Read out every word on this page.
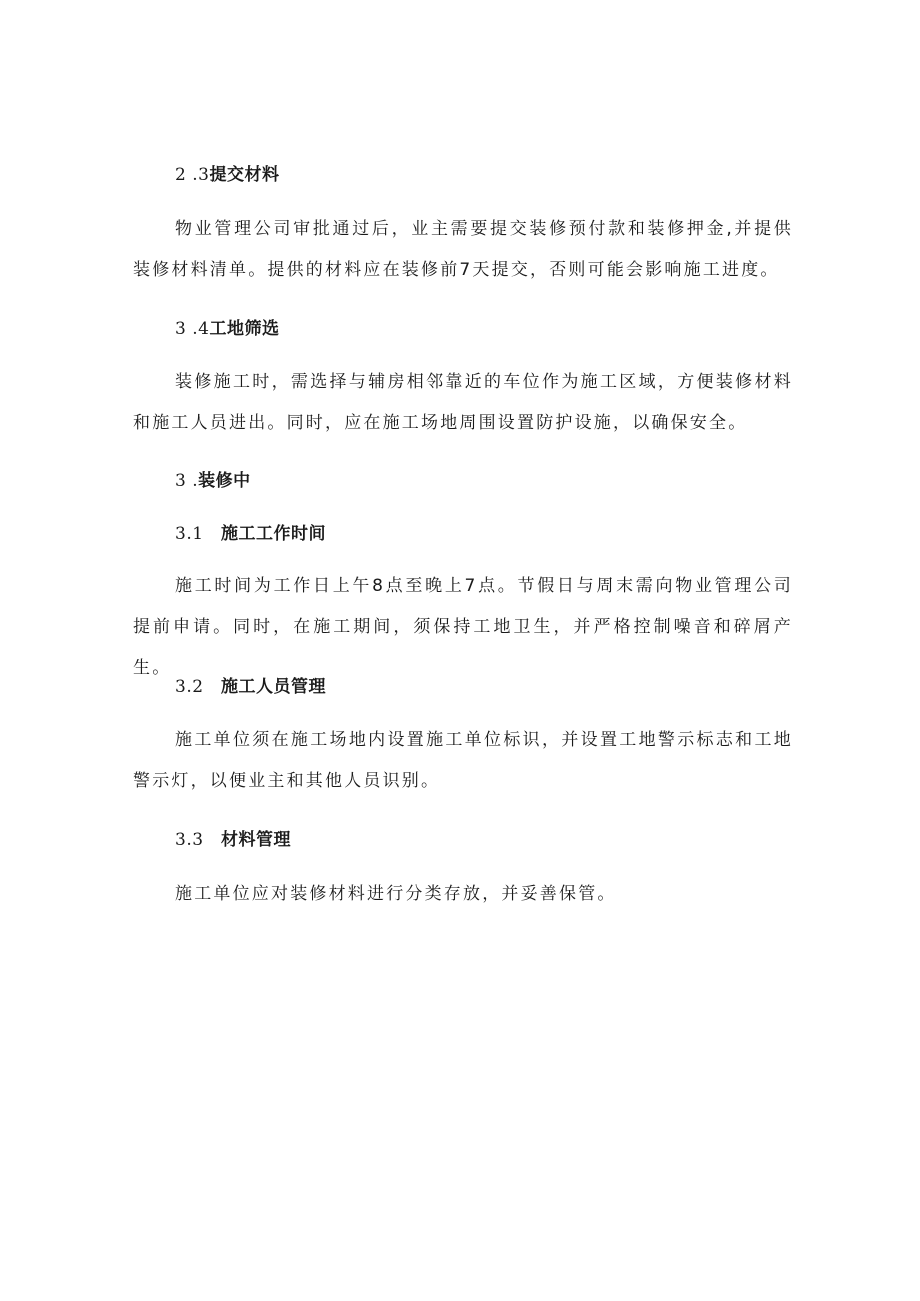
2 .3提交材料
物业管理公司审批通过后，业主需要提交装修预付款和装修押金,并提供装修材料清单。提供的材料应在装修前7天提交，否则可能会影响施工进度。
3 .4工地筛选
装修施工时，需选择与辅房相邻靠近的车位作为施工区域，方便装修材料和施工人员进出。同时，应在施工场地周围设置防护设施，以确保安全。
3 .装修中
3.1 施工工作时间
施工时间为工作日上午8点至晚上7点。节假日与周末需向物业管理公司提前申请。同时，在施工期间，须保持工地卫生，并严格控制噪音和碎屑产生。
3.2 施工人员管理
施工单位须在施工场地内设置施工单位标识，并设置工地警示标志和工地警示灯，以便业主和其他人员识别。
3.3 材料管理
施工单位应对装修材料进行分类存放，并妥善保管。
